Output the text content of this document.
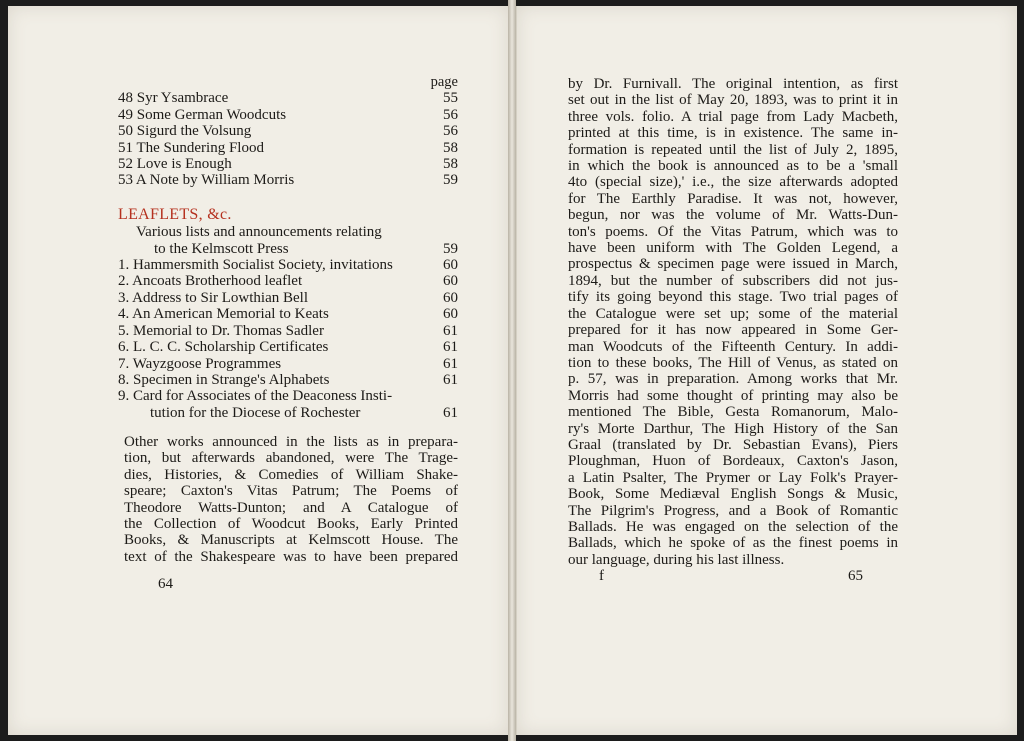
page
48 Syr Ysambrace	55
49 Some German Woodcuts	56
50 Sigurd the Volsung	56
51 The Sundering Flood	58
52 Love is Enough	58
53 A Note by William Morris	59
LEAFLETS, &c.
Various lists and announcements relating
to the Kelmscott Press	59
1. Hammersmith Socialist Society, invitations	60
2. Ancoats Brotherhood leaflet	60
3. Address to Sir Lowthian Bell	60
4. An American Memorial to Keats	60
5. Memorial to Dr. Thomas Sadler	61
6. L. C. C. Scholarship Certificates	61
7. Wayzgoose Programmes	61
8. Specimen in Strange's Alphabets	61
9. Card for Associates of the Deaconess Insti-
tution for the Diocese of Rochester	61
Other works announced in the lists as in prepara-
tion, but afterwards abandoned, were The Trage-
dies, Histories, & Comedies of William Shake-
speare; Caxton's Vitas Patrum; The Poems of
Theodore Watts-Dunton; and A Catalogue of
the Collection of Woodcut Books, Early Printed
Books, & Manuscripts at Kelmscott House. The
text of the Shakespeare was to have been prepared
64
by Dr. Furnivall. The original intention, as first
set out in the list of May 20, 1893, was to print it in
three vols. folio. A trial page from Lady Macbeth,
printed at this time, is in existence. The same in-
formation is repeated until the list of July 2, 1895,
in which the book is announced as to be a 'small
4to (special size),' i.e., the size afterwards adopted
for The Earthly Paradise. It was not, however,
begun, nor was the volume of Mr. Watts-Dun-
ton's poems. Of the Vitas Patrum, which was to
have been uniform with The Golden Legend, a
prospectus & specimen page were issued in March,
1894, but the number of subscribers did not jus-
tify its going beyond this stage. Two trial pages of
the Catalogue were set up; some of the material
prepared for it has now appeared in Some Ger-
man Woodcuts of the Fifteenth Century. In addi-
tion to these books, The Hill of Venus, as stated on
p. 57, was in preparation. Among works that Mr.
Morris had some thought of printing may also be
mentioned The Bible, Gesta Romanorum, Malo-
ry's Morte Darthur, The High History of the San
Graal (translated by Dr. Sebastian Evans), Piers
Ploughman, Huon of Bordeaux, Caxton's Jason,
a Latin Psalter, The Prymer or Lay Folk's Prayer-
Book, Some Mediæval English Songs & Music,
The Pilgrim's Progress, and a Book of Romantic
Ballads. He was engaged on the selection of the
Ballads, which he spoke of as the finest poems in
our language, during his last illness.
f	65
